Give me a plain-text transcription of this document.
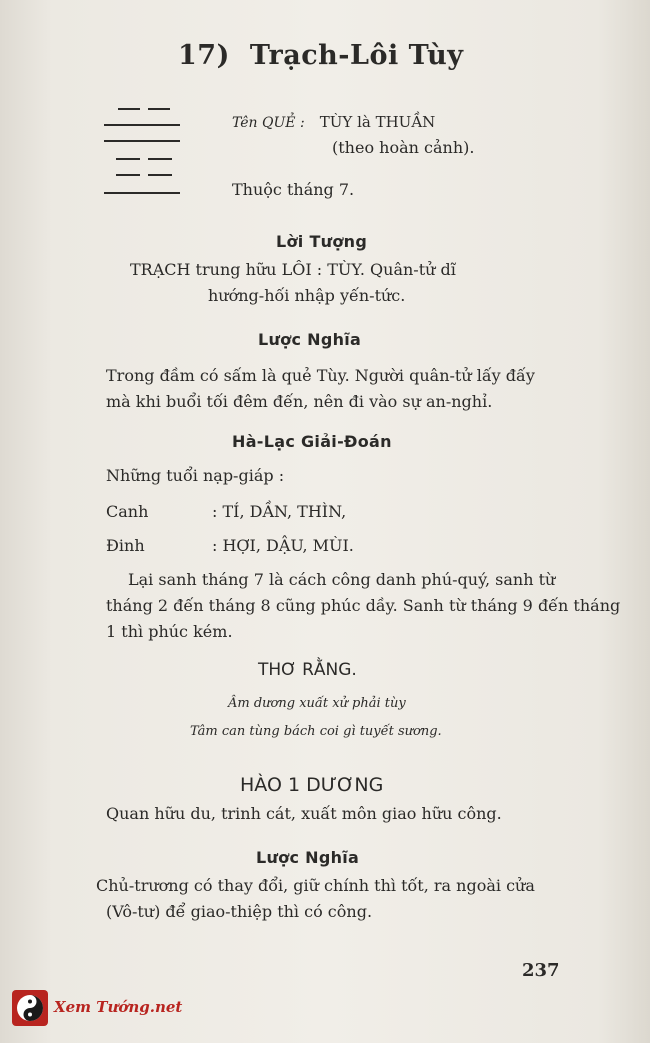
17) Trạch-Lôi Tùy
Tên QUẺ : TÙY là THUẦN
(theo hoàn cảnh).
Thuộc tháng 7.
Lời Tượng
TRẠCH trung hữu LÔI : TÙY. Quân-tử dĩ
hướng-hối nhập yến-tức.
Lược Nghĩa
Trong đầm có sấm là quẻ Tùy. Người quân-tử lấy đấy
mà khi buổi tối đêm đến, nên đi vào sự an-nghỉ.
Hà-Lạc Giải-Đoán
Những tuổi nạp-giáp :
Canh	: TÍ, DẦN, THÌN,
Đinh	: HỢI, DẬU, MÙI.
Lại sanh tháng 7 là cách công danh phú-quý, sanh từ
tháng 2 đến tháng 8 cũng phúc dầy. Sanh từ tháng 9 đến tháng
1 thì phúc kém.
THƠ RẰNG.
Âm dương xuất xử phải tùy
Tâm can tùng bách coi gì tuyết sương.
HÀO 1 DƯƠNG
Quan hữu du, trinh cát, xuất môn giao hữu công.
Lược Nghĩa
Chủ-trương có thay đổi, giữ chính thì tốt, ra ngoài cửa
(Vô-tư) để giao-thiệp thì có công.
237
Xem Tướng.net
